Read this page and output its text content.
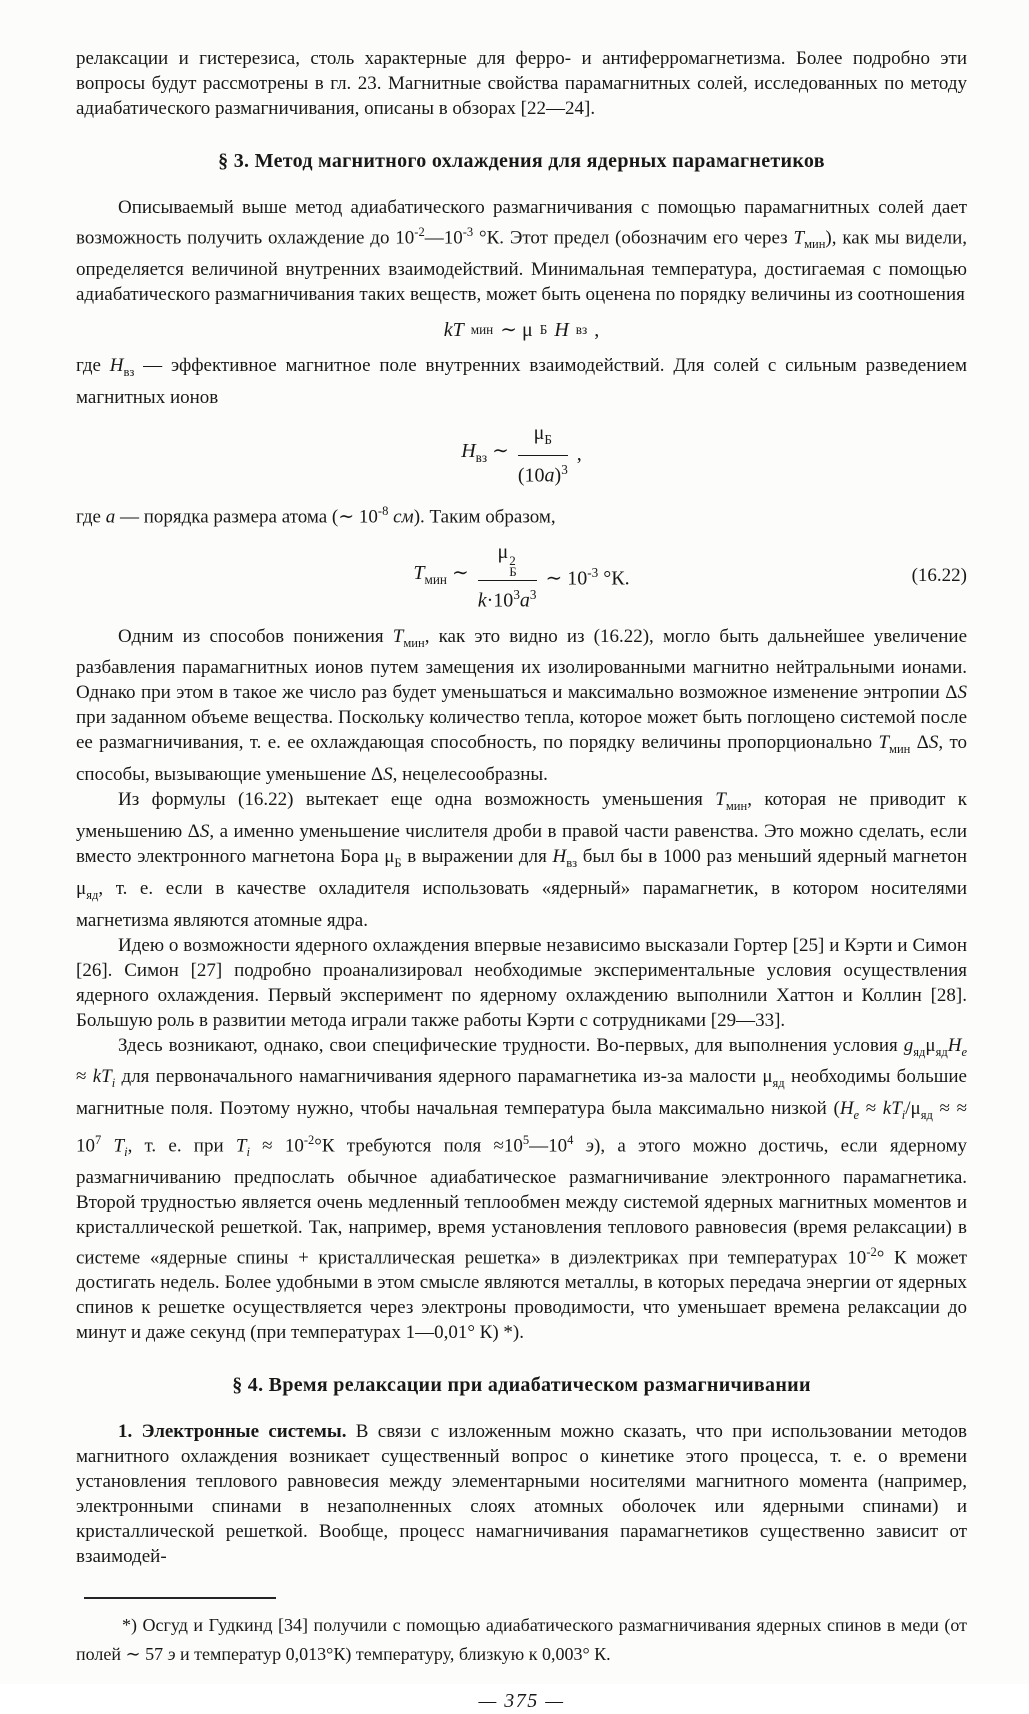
релаксации и гистерезиса, столь характерные для ферро- и антиферромагнетизма. Более подробно эти вопросы будут рассмотрены в гл. 23. Магнитные свойства парамагнитных солей, исследованных по методу адиабатического размагничивания, описаны в обзорах [22—24].

§ 3. Метод магнитного охлаждения для ядерных парамагнетиков

Описываемый выше метод адиабатического размагничивания с помощью парамагнитных солей дает возможность получить охлаждение до $10^{-2}—10^{-3}$ °К. Этот предел (обозначим его через $T_{мин}$), как мы видели, определяется величиной внутренних взаимодействий. Минимальная температура, достигаемая с помощью адиабатического размагничивания таких веществ, может быть оценена по порядку величины из соотношения

kT мин ∼ μ Б H вз ,

где $H_{вз}$ — эффективное магнитное поле внутренних взаимодействий. Для солей с сильным разведением магнитных ионов

$H_{вз}$ ∼ $\frac{\mu_Б}{(10a)^3}$ ,

где a — порядка размера атома (∼ $10^{-8}$ см). Таким образом,

$T_{мин}$ ∼ μ 2
Б
$k\cdot 10^3a^3$ ∼ $10^{-3}$ °К.	(16.22)

Одним из способов понижения $T_{мин}$, как это видно из (16.22), могло быть дальнейшее увеличение разбавления парамагнитных ионов путем замещения их изолированными магнитно нейтральными ионами. Однако при этом в такое же число раз будет уменьшаться и максимально возможное изменение энтропии ΔS при заданном объеме вещества. Поскольку количество тепла, которое может быть поглощено системой после ее размагничивания, т. е. ее охлаждающая способность, по порядку величины пропорционально $T_{мин}$ ΔS, то способы, вызывающие уменьшение ΔS, нецелесообразны.

Из формулы (16.22) вытекает еще одна возможность уменьшения $T_{мин}$, которая не приводит к уменьшению ΔS, а именно уменьшение числителя дроби в правой части равенства. Это можно сделать, если вместо электронного магнетона Бора $\mu_Б$ в выражении для $H_{вз}$ был бы в 1000 раз меньший ядерный магнетон $\mu_{яд}$, т. е. если в качестве охладителя использовать «ядерный» парамагнетик, в котором носителями магнетизма являются атомные ядра.

Идею о возможности ядерного охлаждения впервые независимо высказали Гортер [25] и Кэрти и Симон [26]. Симон [27] подробно проанализировал необходимые экспериментальные условия осуществления ядерного охлаждения. Первый эксперимент по ядерному охлаждению выполнили Хаттон и Коллин [28]. Большую роль в развитии метода играли также работы Кэрти с сотрудниками [29—33].

Здесь возникают, однако, свои специфические трудности. Во-первых, для выполнения условия $g_{яд}\mu_{яд}H_e \approx kT_i$ для первоначального намагничивания ядерного парамагнетика из-за малости $\mu_{яд}$ необходимы большие магнитные поля. Поэтому нужно, чтобы начальная температура была максимально низкой ($H_e \approx kT_i/\mu_{яд}$ ≈ ≈ $10^7$ $T_i$, т. е. при $T_i \approx 10^{-2}^\circ К$ требуются поля $\approx 10^5—10^4$ э), а этого можно достичь, если ядерному размагничиванию предпослать обычное адиабатическое размагничивание электронного парамагнетика. Второй трудностью является очень медленный теплообмен между системой ядерных магнитных моментов и кристаллической решеткой. Так, например, время установления теплового равновесия (время релаксации) в системе «ядерные спины + кристаллическая решетка» в диэлектриках при температурах $10^{-2}^\circ$ К может достигать недель. Более удобными в этом смысле являются металлы, в которых передача энергии от ядерных спинов к решетке осуществляется через электроны проводимости, что уменьшает времена релаксации до минут и даже секунд (при температурах 1—0,01° К) *).

§ 4. Время релаксации при адиабатическом размагничивании

1. Электронные системы. В связи с изложенным можно сказать, что при использовании методов магнитного охлаждения возникает существенный вопрос о кинетике этого процесса, т. е. о времени установления теплового равновесия между элементарными носителями магнитного момента (например, электронными спинами в незаполненных слоях атомных оболочек или ядерными спинами) и кристаллической решеткой. Вообще, процесс намагничивания парамагнетиков существенно зависит от взаимодей-

*) Осгуд и Гудкинд [34] получили с помощью адиабатического размагничивания ядерных спинов в меди (от полей ∼ 57 э и температур 0,013°К) температуру, близкую к 0,003° К.

— 375 —
